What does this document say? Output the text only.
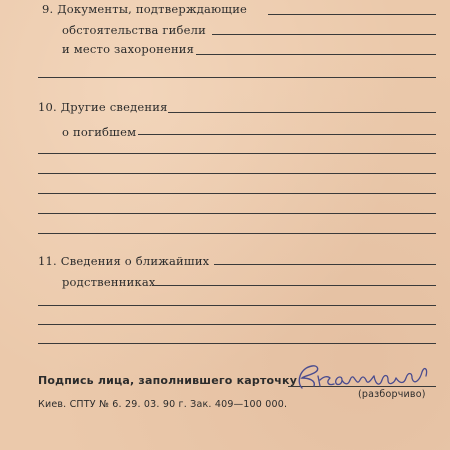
9. Документы, подтверждающие
обстоятельства гибели
и место захоронения
10. Другие сведения
о погибшем
11. Сведения о ближайших
родственниках
Подпись лица, заполнившего карточку
(разборчиво)
Киев. СПТУ № 6. 29. 03. 90 г. Зак. 409—100 000.
